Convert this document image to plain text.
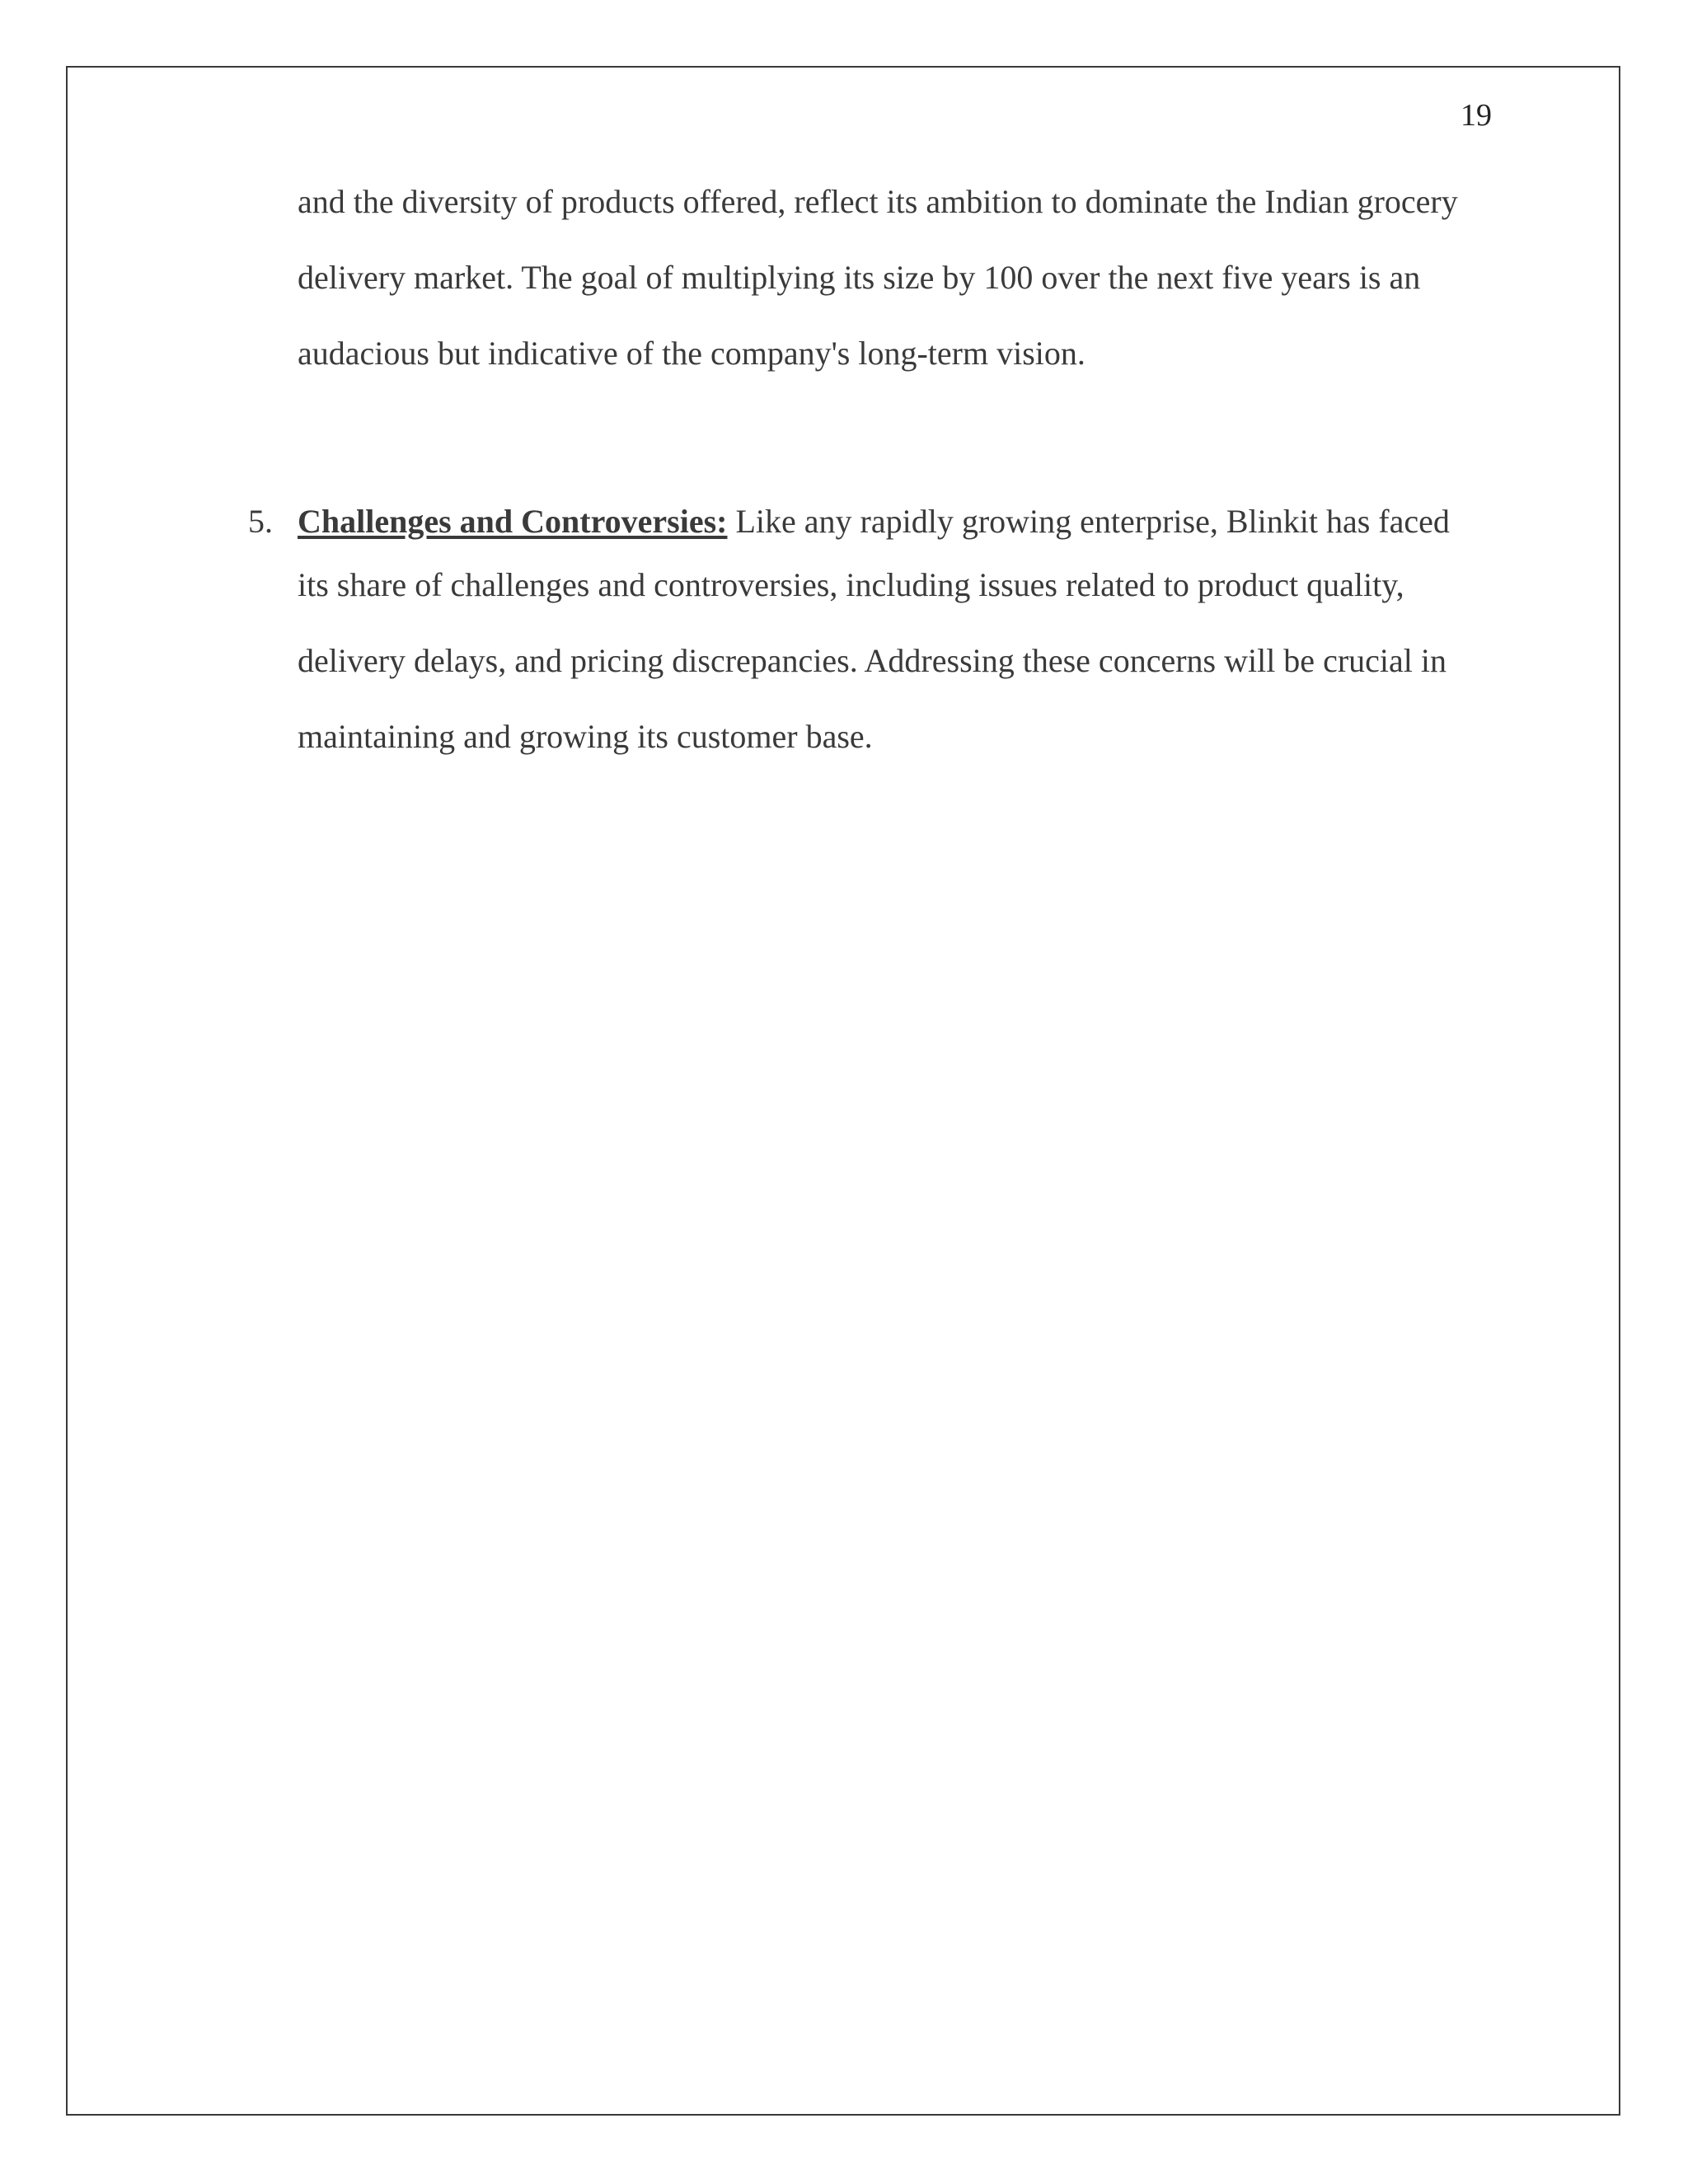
19
and the diversity of products offered, reflect its ambition to dominate the Indian grocery
delivery market. The goal of multiplying its size by 100 over the next five years is an
audacious but indicative of the company's long-term vision.
5. Challenges and Controversies: Like any rapidly growing enterprise, Blinkit has faced
its share of challenges and controversies, including issues related to product quality,
delivery delays, and pricing discrepancies. Addressing these concerns will be crucial in
maintaining and growing its customer base.
